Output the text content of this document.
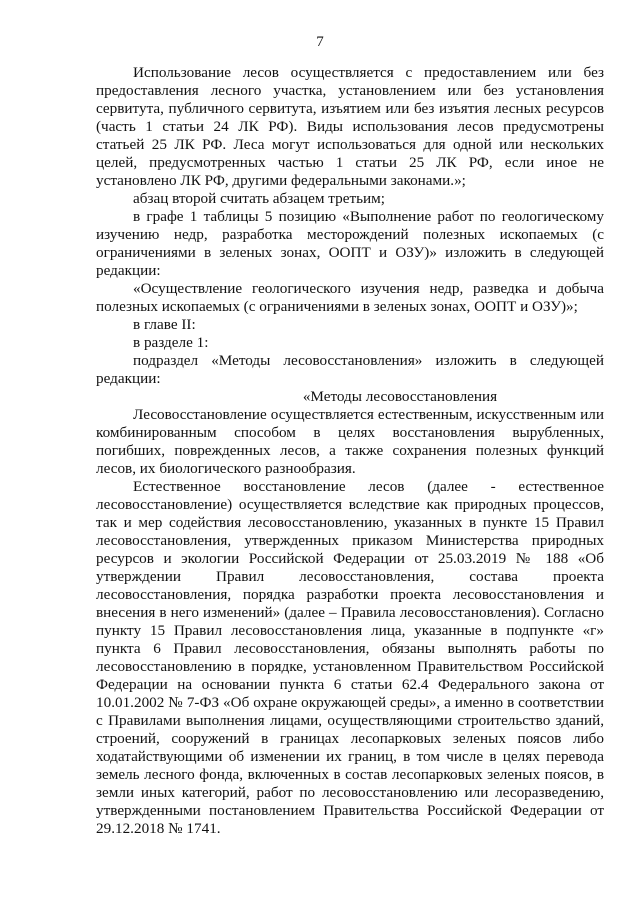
7

Использование лесов осуществляется с предоставлением или без предоставления лесного участка, установлением или без установления сервитута, публичного сервитута, изъятием или без изъятия лесных ресурсов (часть 1 статьи 24 ЛК РФ). Виды использования лесов предусмотрены статьей 25 ЛК РФ. Леса могут использоваться для одной или нескольких целей, предусмотренных частью 1 статьи 25 ЛК РФ, если иное не установлено ЛК РФ, другими федеральными законами.»;

абзац второй считать абзацем третьим;

в графе 1 таблицы 5 позицию «Выполнение работ по геологическому изучению недр, разработка месторождений полезных ископаемых (с ограничениями в зеленых зонах, ООПТ и ОЗУ)» изложить в следующей редакции:

«Осуществление геологического изучения недр, разведка и добыча полезных ископаемых (с ограничениями в зеленых зонах, ООПТ и ОЗУ)»;

в главе II:

в разделе 1:

подраздел «Методы лесовосстановления» изложить в следующей редакции:

«Методы лесовосстановления

Лесовосстановление осуществляется естественным, искусственным или комбинированным способом в целях восстановления вырубленных, погибших, поврежденных лесов, а также сохранения полезных функций лесов, их биологического разнообразия.

Естественное восстановление лесов (далее - естественное лесовосстановление) осуществляется вследствие как природных процессов, так и мер содействия лесовосстановлению, указанных в пункте 15 Правил лесовосстановления, утвержденных приказом Министерства природных ресурсов и экологии Российской Федерации от 25.03.2019 № 188 «Об утверждении Правил лесовосстановления, состава проекта лесовосстановления, порядка разработки проекта лесовосстановления и внесения в него изменений» (далее – Правила лесовосстановления). Согласно пункту 15 Правил лесовосстановления лица, указанные в подпункте «г» пункта 6 Правил лесовосстановления, обязаны выполнять работы по лесовосстановлению в порядке, установленном Правительством Российской Федерации на основании пункта 6 статьи 62.4 Федерального закона от 10.01.2002 № 7-ФЗ «Об охране окружающей среды», а именно в соответствии с Правилами выполнения лицами, осуществляющими строительство зданий, строений, сооружений в границах лесопарковых зеленых поясов либо ходатайствующими об изменении их границ, в том числе в целях перевода земель лесного фонда, включенных в состав лесопарковых зеленых поясов, в земли иных категорий, работ по лесовосстановлению или лесоразведению, утвержденными постановлением Правительства Российской Федерации от 29.12.2018 № 1741.
